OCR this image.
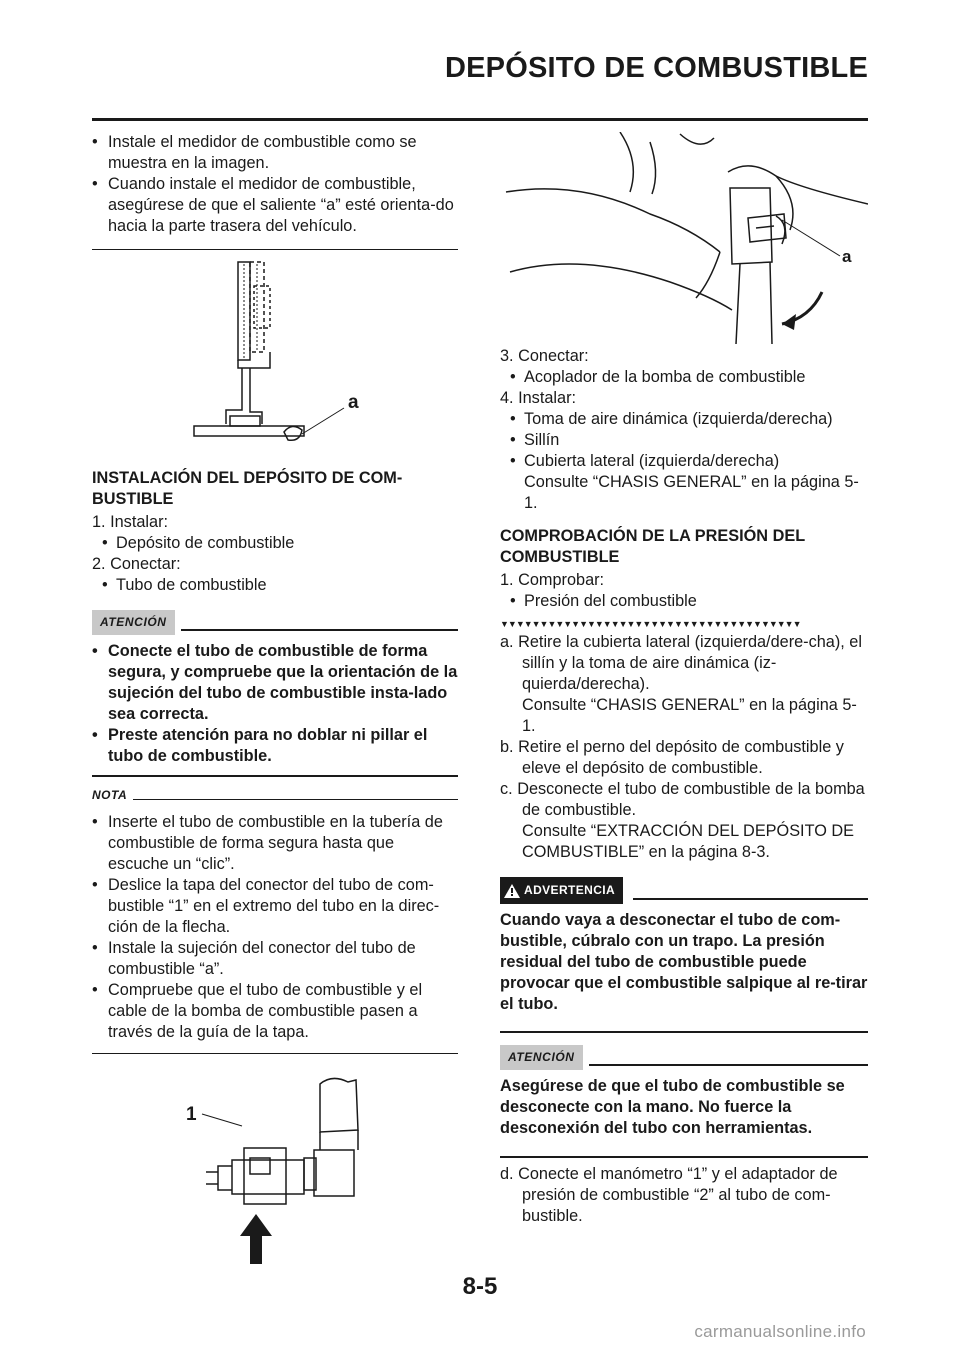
DEPÓSITO DE COMBUSTIBLE

• Instale el medidor de combustible como se muestra en la imagen.

• Cuando instale el medidor de combustible, asegúrese de que el saliente “a” esté orienta-do hacia la parte trasera del vehículo.

a

INSTALACIÓN DEL DEPÓSITO DE COM-BUSTIBLE

1. Instalar:

• Depósito de combustible

2. Conectar:

• Tubo de combustible

ATENCIÓN

• Conecte el tubo de combustible de forma segura, y compruebe que la orientación de la sujeción del tubo de combustible insta-lado sea correcta.

• Preste atención para no doblar ni pillar el tubo de combustible.

NOTA

• Inserte el tubo de combustible en la tubería de combustible de forma segura hasta que escuche un “clic”.

• Deslice la tapa del conector del tubo de com-bustible “1” en el extremo del tubo en la direc-ción de la flecha.

• Instale la sujeción del conector del tubo de combustible “a”.

• Compruebe que el tubo de combustible y el cable de la bomba de combustible pasen a través de la guía de la tapa.

1
a

3. Conectar:

• Acoplador de la bomba de combustible

4. Instalar:

• Toma de aire dinámica (izquierda/derecha)

• Sillín

• Cubierta lateral (izquierda/derecha)

Consulte “CHASIS GENERAL” en la página 5-1.

COMPROBACIÓN DE LA PRESIÓN DEL COMBUSTIBLE

1. Comprobar:

• Presión del combustible

▼▼▼▼▼▼▼▼▼▼▼▼▼▼▼▼▼▼▼▼▼▼▼▼▼▼▼▼▼▼▼▼▼▼▼▼▼▼

a. Retire la cubierta lateral (izquierda/dere-cha), el sillín y la toma de aire dinámica (iz-quierda/derecha).

Consulte “CHASIS GENERAL” en la página 5-1.

b. Retire el perno del depósito de combustible y eleve el depósito de combustible.

c. Desconecte el tubo de combustible de la bomba de combustible.

Consulte “EXTRACCIÓN DEL DEPÓSITO DE COMBUSTIBLE” en la página 8-3.

ADVERTENCIA

Cuando vaya a desconectar el tubo de com-bustible, cúbralo con un trapo. La presión residual del tubo de combustible puede provocar que el combustible salpique al re-tirar el tubo.

ATENCIÓN

Asegúrese de que el tubo de combustible se desconecte con la mano. No fuerce la desconexión del tubo con herramientas.

d. Conecte el manómetro “1” y el adaptador de presión de combustible “2” al tubo de com-bustible.

8-5
carmanualsonline.info
